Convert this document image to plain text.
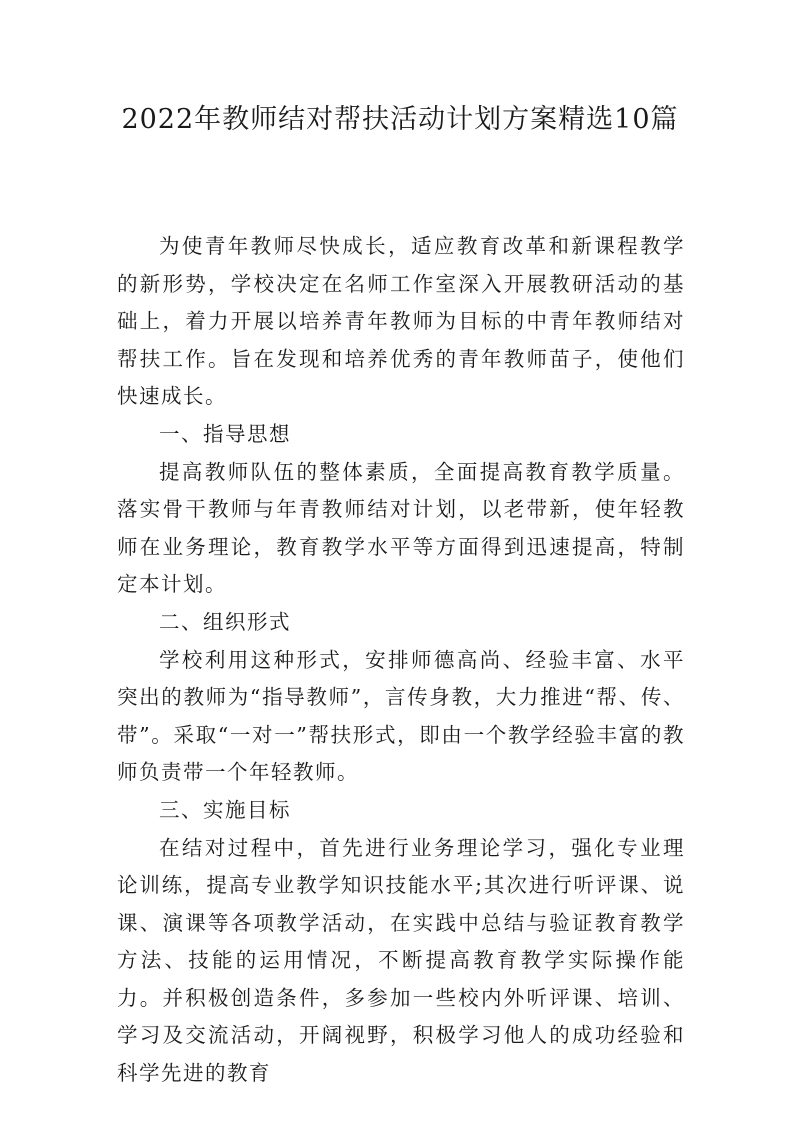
2022年教师结对帮扶活动计划方案精选10篇

为使青年教师尽快成长，适应教育改革和新课程教学的新形势，学校决定在名师工作室深入开展教研活动的基础上，着力开展以培养青年教师为目标的中青年教师结对帮扶工作。旨在发现和培养优秀的青年教师苗子，使他们快速成长。

一、指导思想

提高教师队伍的整体素质，全面提高教育教学质量。落实骨干教师与年青教师结对计划，以老带新，使年轻教师在业务理论，教育教学水平等方面得到迅速提高，特制定本计划。

二、组织形式

学校利用这种形式，安排师德高尚、经验丰富、水平突出的教师为“指导教师”，言传身教，大力推进“帮、传、带”。采取“一对一”帮扶形式，即由一个教学经验丰富的教师负责带一个年轻教师。

三、实施目标

在结对过程中，首先进行业务理论学习，强化专业理论训练，提高专业教学知识技能水平;其次进行听评课、说课、演课等各项教学活动，在实践中总结与验证教育教学方法、技能的运用情况，不断提高教育教学实际操作能力。并积极创造条件，多参加一些校内外听评课、培训、学习及交流活动，开阔视野，积极学习他人的成功经验和科学先进的教育
